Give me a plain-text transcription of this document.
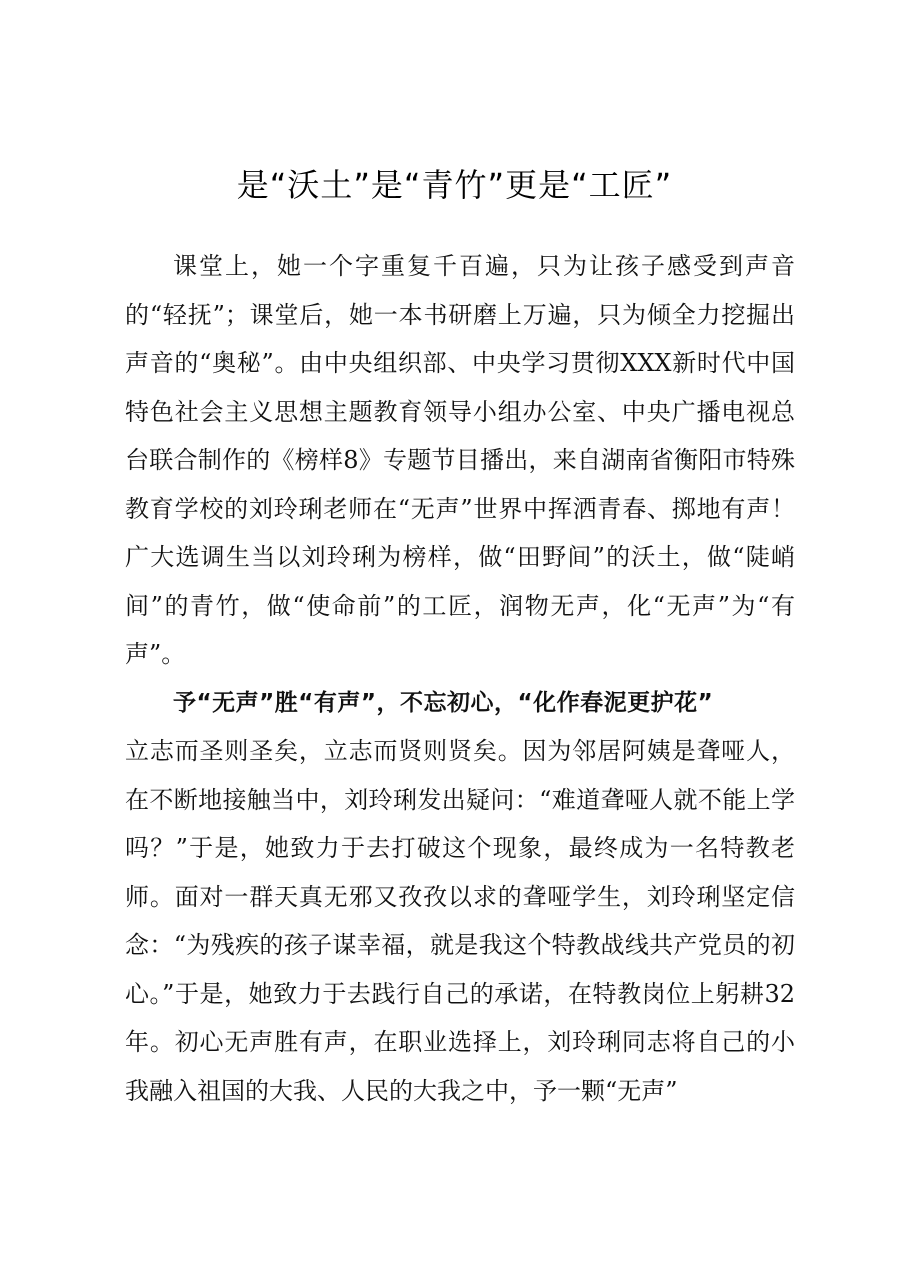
是“沃土”是“青竹”更是“工匠”

课堂上，她一个字重复千百遍，只为让孩子感受到声音的“轻抚”；课堂后，她一本书研磨上万遍，只为倾全力挖掘出声音的“奥秘”。由中央组织部、中央学习贯彻XXX新时代中国特色社会主义思想主题教育领导小组办公室、中央广播电视总台联合制作的《榜样8》专题节目播出，来自湖南省衡阳市特殊教育学校的刘玲琍老师在“无声”世界中挥洒青春、掷地有声！广大选调生当以刘玲琍为榜样，做“田野间”的沃土，做“陡峭间”的青竹，做“使命前”的工匠，润物无声，化“无声”为“有声”。

予“无声”胜“有声”，不忘初心，“化作春泥更护花”

立志而圣则圣矣，立志而贤则贤矣。因为邻居阿姨是聋哑人，在不断地接触当中，刘玲琍发出疑问：“难道聋哑人就不能上学吗？”于是，她致力于去打破这个现象，最终成为一名特教老师。面对一群天真无邪又孜孜以求的聋哑学生，刘玲琍坚定信念：“为残疾的孩子谋幸福，就是我这个特教战线共产党员的初心。”于是，她致力于去践行自己的承诺，在特教岗位上躬耕32年。初心无声胜有声，在职业选择上，刘玲琍同志将自己的小我融入祖国的大我、人民的大我之中，予一颗“无声”
